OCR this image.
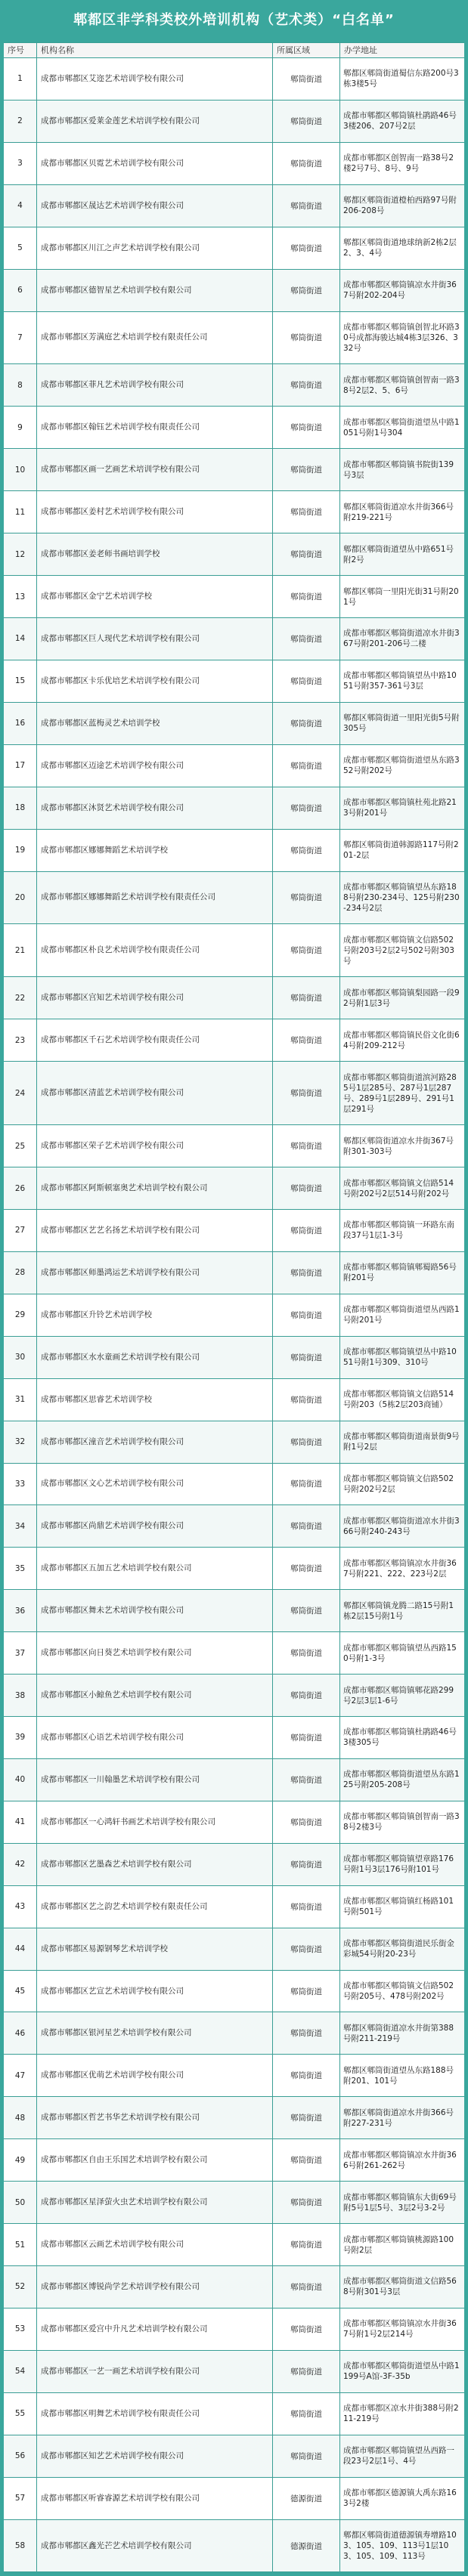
郫都区非学科类校外培训机构（艺术类）“白名单”
序号	机构名称	所属区域	办学地址
1	成都市郫都区艾迩艺术培训学校有限公司	郫筒街道
郫都区郫筒街道蜀信东路200号3栋3楼5号
2	成都市郫都区爱莱金莲艺术培训学校有限公司	郫筒街道
成都市郫都区郫筒镇杜鹃路46号3楼206、207号2层
3	成都市郫都区贝霓艺术培训学校有限公司	郫筒街道
成都市郫都区创智南一路38号2楼2号7号、8号、9号
4	成都市郫都区晟达艺术培训学校有限公司	郫筒街道
郫都区郫筒街道橙柏西路97号附206-208号
5	成都市郫都区川江之声艺术培训学校有限公司	郫筒街道
郫都区郫筒街道地球纳新2栋2层2、3、4号
6	成都市郫都区德智星艺术培训学校有限公司	郫筒街道
成都市郫都区郫筒镇凉水井街367号附202-204号
7	成都市郫都区芳满庭艺术培训学校有限责任公司	郫筒街道
成都市郫都区郫筒镇创智北环路30号成都海骏达城4栋3层326、332号
8	成都市郫都区菲凡艺术培训学校有限公司	郫筒街道
成都市郫都区郫筒镇创智南一路38号2层2、5、6号
9	成都市郫都区翰钰艺术培训学校有限责任公司	郫筒街道
成都市郫都区郫筒街道望丛中路1051号附1号304
10	成都市郫都区画一艺画艺术培训学校有限公司	郫筒街道
成都市郫都区郫筒镇书院街139号3层
11	成都市郫都区姜村艺术培训学校有限公司	郫筒街道
郫都区郫筒街道凉水井街366号附219-221号
12	成都市郫都区姜老师书画培训学校	郫筒街道
郫都区郫筒街道望丛中路651号附2号
13	成都市郫都区金宁艺术培训学校	郫筒街道
郫都区郫筒一里阳光街31号附201号
14	成都市郫都区巨人现代艺术培训学校有限公司	郫筒街道
成都市郫都区郫筒街道凉水井街367号附201-206号二楼
15	成都市郫都区卡乐优培艺术培训学校有限公司	郫筒街道
成都市郫都区郫筒镇望丛中路1051号附357-361号3层
16	成都市郫都区蓝梅灵艺术培训学校	郫筒街道
郫都区郫筒街道一里阳光街5号附305号
17	成都市郫都区迈途艺术培训学校有限公司	郫筒街道
成都市郫都区郫筒街道望丛东路352号附202号
18	成都市郫都区沐贤艺术培训学校有限公司	郫筒街道
成都市郫都区郫筒镇杜苑北路213号附201号
19	成都市郫都区娜娜舞蹈艺术培训学校	郫筒街道
郫都区郫筒街道韩源路117号附201-2层
20	成都市郫都区娜娜舞蹈艺术培训学校有限责任公司	郫筒街道
成都市郫都区郫筒镇望丛东路188号附230-234号、125号附230-234号2层
21	成都市郫都区朴良艺术培训学校有限责任公司	郫筒街道
成都市郫都区郫筒镇文信路502号附203号2层2号502号附303号
22	成都市郫都区宫知艺术培训学校有限公司	郫筒街道
成都市郫都区郫筒镇梨园路一段92号附1层3号
23	成都市郫都区千石艺术培训学校有限责任公司	郫筒街道
成都市郫都区郫筒镇民俗文化街64号附209-212号
24	成都市郫都区清蓝艺术培训学校有限公司	郫筒街道
成都市郫都区郫筒街道滨河路285号1层285号、287号1层287号、289号1层289号、291号1层291号
25	成都市郫都区荣子艺术培训学校有限公司	郫筒街道
郫都区郫筒街道凉水井街367号附301-303号
26	成都市郫都区阿斯顿塞奥艺术培训学校有限公司	郫筒街道
成都市郫都区郫筒镇文信路514号附202号2层514号附202号
27	成都市郫都区艺艺名扬艺术培训学校有限公司	郫筒街道
成都市郫都区郫筒镇一环路东南段37号1层1-3号
28	成都市郫都区师墨鸿运艺术培训学校有限公司	郫筒街道
成都市郫都区郫筒镇郫蜀路56号附201号
29	成都市郫都区升铃艺术培训学校	郫筒街道
成都市郫都区郫筒街道望丛西路1号附201号
30	成都市郫都区水水童画艺术培训学校有限公司	郫筒街道
成都市郫都区郫筒镇望丛中路1051号附1号309、310号
31	成都市郫都区思睿艺术培训学校	郫筒街道
成都市郫都区郫筒镇文信路514号附203（5栋2层203商铺）
32	成都市郫都区潼音艺术培训学校有限公司	郫筒街道
成都市郫都区郫筒街道南景街9号附1号2层
33	成都市郫都区文心艺术培训学校有限公司	郫筒街道
成都市郫都区郫筒镇文信路502号附202号2层
34	成都市郫都区尚鼎艺术培训学校有限公司	郫筒街道
成都市郫都区郫筒街道凉水井街366号附240-243号
35	成都市郫都区五加五艺术培训学校有限公司	郫筒街道
成都市郫都区郫筒镇凉水井街367号附221、222、223号2层
36	成都市郫都区舞未艺术培训学校有限公司	郫筒街道
郫都区郫筒镇龙腾二路15号附1栋2层15号附1号
37	成都市郫都区向日葵艺术培训学校有限公司	郫筒街道
成都市郫都区郫筒镇望丛西路150号附1-3号
38	成都市郫都区小鲸鱼艺术培训学校有限公司	郫筒街道
成都市郫都区郫筒镇郫花路299号2层3层1-6号
39	成都市郫都区心语艺术培训学校有限公司	郫筒街道
成都市郫都区郫筒镇杜鹃路46号3楼305号
40	成都市郫都区一川翰墨艺术培训学校有限公司	郫筒街道
成都市郫都区郫筒街道望丛东路125号附205-208号
41	成都市郫都区一心鸿轩书画艺术培训学校有限公司	郫筒街道
成都市郫都区郫筒镇创智南一路38号2楼3号
42	成都市郫都区艺墨森艺术培训学校有限公司	郫筒街道
成都市郫都区郫筒镇望章路176号附1号3层176号附101号
43	成都市郫都区艺之韵艺术培训学校有限责任公司	郫筒街道
成都市郫都区郫筒镇红杨路101号附501号
44	成都市郫都区易源钢琴艺术培训学校	郫筒街道
成都市郫都区郫筒街道民乐街金彩城54号附20-23号
45	成都市郫都区艺宣艺术培训学校有限公司	郫筒街道
成都市郫都区郫筒镇文信路502号附205号、478号附202号
46	成都市郫都区银河星艺术培训学校有限公司	郫筒街道
郫都区郫筒街道凉水井街第388号附211-219号
47	成都市郫都区优萌艺术培训学校有限公司	郫筒街道
郫都区郫筒街道望丛东路188号附201、101号
48	成都市郫都区哲艺书华艺术培训学校有限公司	郫筒街道
郫都区郫筒街道凉水井街366号附227-231号
49	成都市郫都区自由王乐国艺术培训学校有限公司	郫筒街道
成都市郫都区郫筒镇凉水井街366号附261-262号
50	成都市郫都区星泽萤火虫艺术培训学校有限公司	郫筒街道
成都市郫都区郫筒镇东大街69号附5号1层5号、3层2号3-2号
51	成都市郫都区云画艺术培训学校有限公司	郫筒街道
成都市郫都区郫筒镇桃源路100号附2层
52	成都市郫都区博锐尚学艺术培训学校有限公司	郫筒街道
成都市郫都区郫筒街道文信路568号附301号3层
53	成都市郫都区爱宫中升凡艺术培训学校有限公司	郫筒街道
成都市郫都区郫筒镇凉水井街367号附1号2层214号
54	成都市郫都区一艺一画艺术培训学校有限公司	郫筒街道
成都市郫都区郫筒街道望丛中路1199号A馆-3F-35b
55	成都市郫都区明舞艺术培训学校有限责任公司	郫筒街道
成都市郫都区凉水井街388号附211-219号
56	成都市郫都区知艺艺术培训学校有限公司	郫筒街道
成都市郫都区郫筒镇望丛西路一段23号2层1号、4号
57	成都市郫都区听睿睿源艺术培训学校有限公司	德源街道
成都市郫都区德源镇大禹东路163号2楼
58	成都市郫都区鑫光芒艺术培训学校有限公司	德源街道
郫都区郫筒街道德源镇寿增路103、105、109、113号1层103、105、109、113号
